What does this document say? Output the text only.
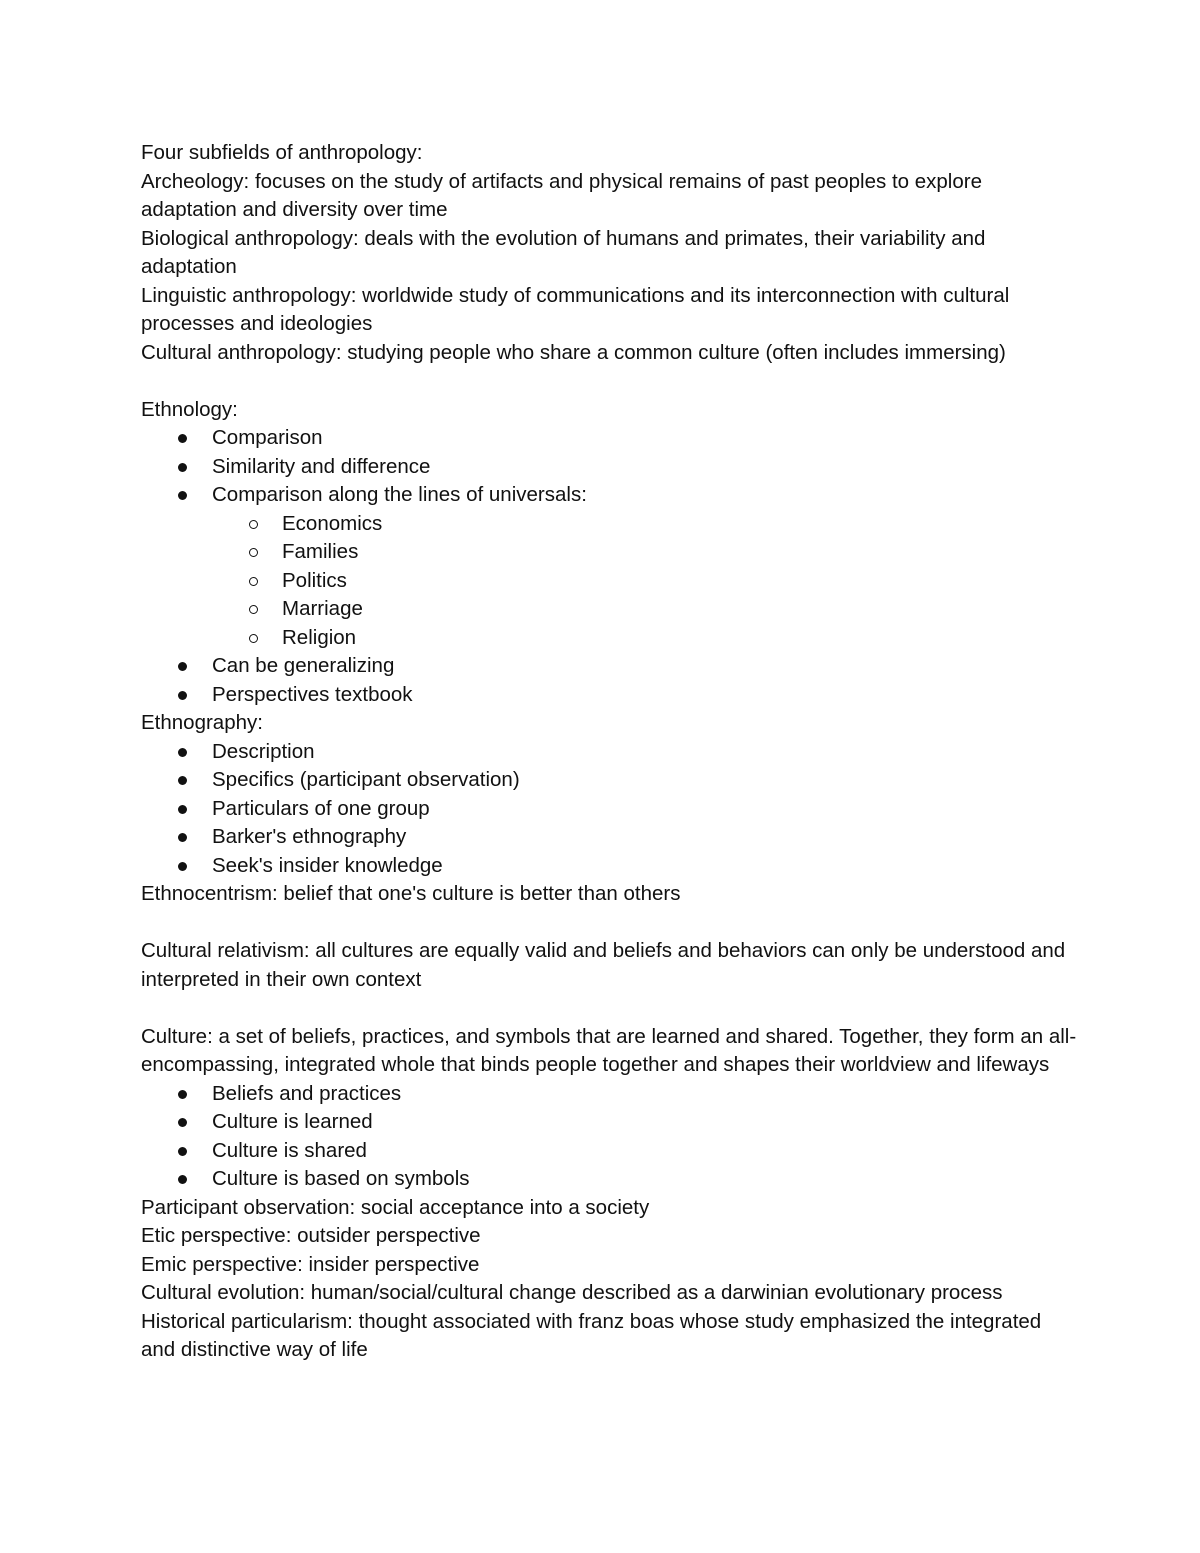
Four subfields of anthropology:

Archeology: focuses on the study of artifacts and physical remains of past peoples to explore adaptation and diversity over time

Biological anthropology: deals with the evolution of humans and primates, their variability and adaptation

Linguistic anthropology: worldwide study of communications and its interconnection with cultural processes and ideologies

Cultural anthropology: studying people who share a common culture (often includes immersing)

Ethnology:

Comparison
Similarity and difference
Comparison along the lines of universals:
Economics
Families
Politics
Marriage
Religion
Can be generalizing
Perspectives textbook

Ethnography:

Description
Specifics (participant observation)
Particulars of one group
Barker's ethnography
Seek's insider knowledge

Ethnocentrism: belief that one's culture is better than others

Cultural relativism: all cultures are equally valid and beliefs and behaviors can only be understood and interpreted in their own context

Culture: a set of beliefs, practices, and symbols that are learned and shared. Together, they form an all-encompassing, integrated whole that binds people together and shapes their worldview and lifeways

Beliefs and practices
Culture is learned
Culture is shared
Culture is based on symbols

Participant observation: social acceptance into a society

Etic perspective: outsider perspective

Emic perspective: insider perspective

Cultural evolution: human/social/cultural change described as a darwinian evolutionary process

Historical particularism: thought associated with franz boas whose study emphasized the integrated and distinctive way of life
